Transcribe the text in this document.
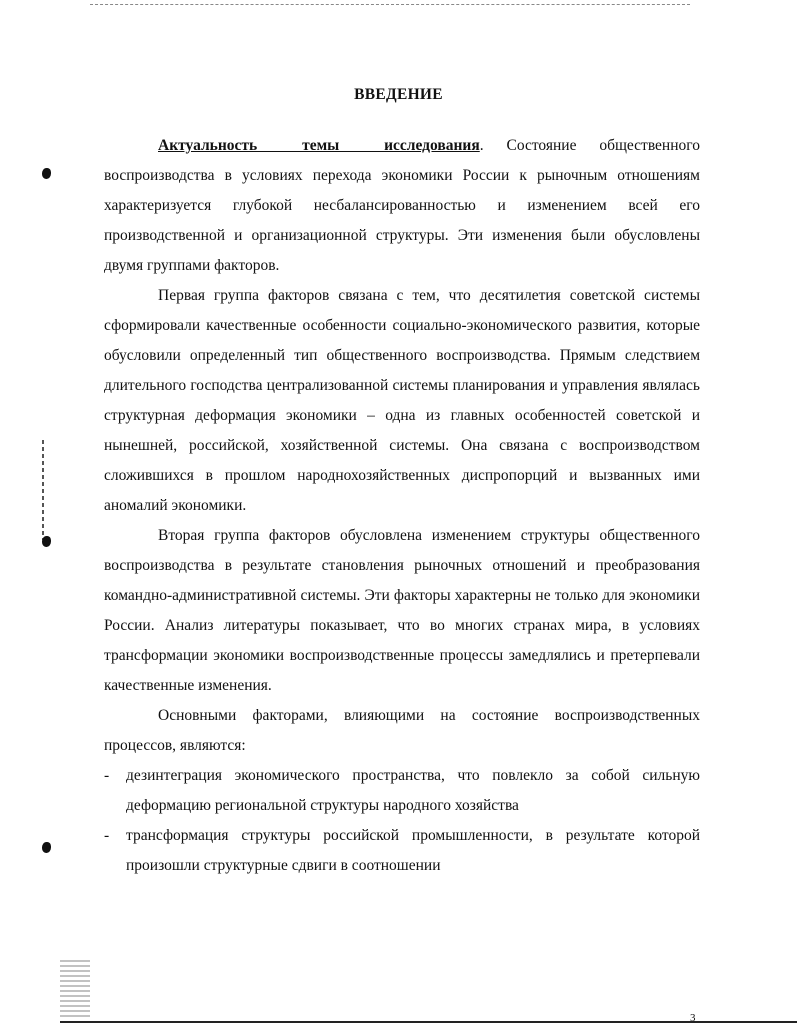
ВВЕДЕНИЕ

Актуальность темы исследования. Состояние общественного воспроизводства в условиях перехода экономики России к рыночным отношениям характеризуется глубокой несбалансированностью и изменением всей его производственной и организационной структуры. Эти изменения были обусловлены двумя группами факторов.

Первая группа факторов связана с тем, что десятилетия советской системы сформировали качественные особенности социально-экономического развития, которые обусловили определенный тип общественного воспроизводства. Прямым следствием длительного господства централизованной системы планирования и управления являлась структурная деформация экономики – одна из главных особенностей советской и нынешней, российской, хозяйственной системы. Она связана с воспроизводством сложившихся в прошлом народнохозяйственных диспропорций и вызванных ими аномалий экономики.

Вторая группа факторов обусловлена изменением структуры общественного воспроизводства в результате становления рыночных отношений и преобразования командно-административной системы. Эти факторы характерны не только для экономики России. Анализ литературы показывает, что во многих странах мира, в условиях трансформации экономики воспроизводственные процессы замедлялись и претерпевали качественные изменения.

Основными факторами, влияющими на состояние воспроизводственных процессов, являются:

- дезинтеграция экономического пространства, что повлекло за собой сильную деформацию региональной структуры народного хозяйства
- трансформация структуры российской промышленности, в результате которой произошли структурные сдвиги в соотношении
3
